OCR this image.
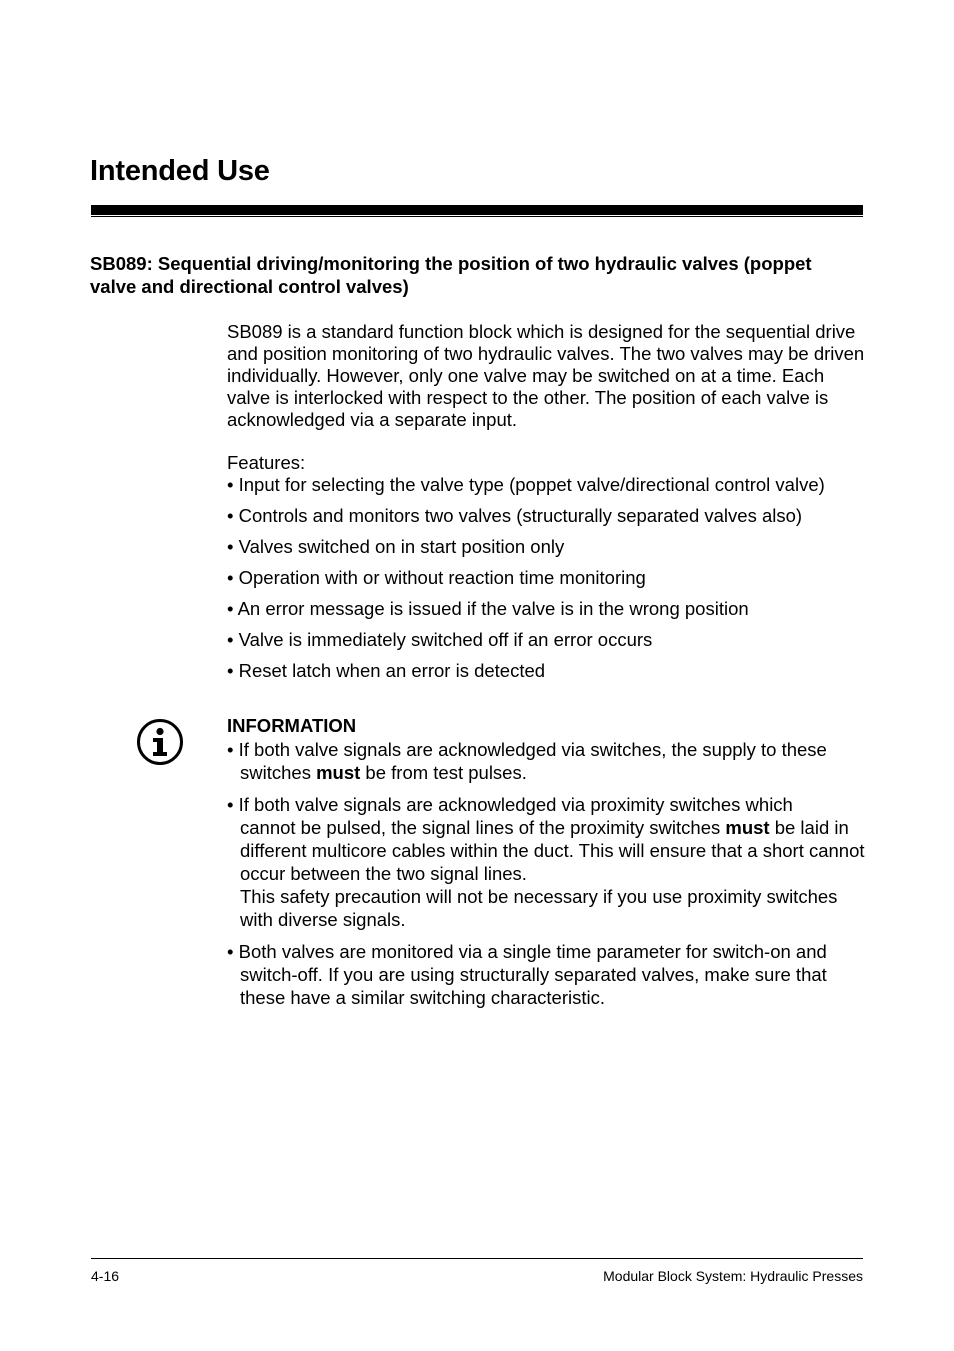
Intended Use
SB089: Sequential driving/monitoring the position of two hydraulic valves (poppet valve and directional control valves)

SB089 is a standard function block which is designed for the sequential drive and position monitoring of two hydraulic valves. The two valves may be driven individually. However, only one valve may be switched on at a time. Each valve is interlocked with respect to the other. The position of each valve is acknowledged via a separate input.

Features:

• Input for selecting the valve type (poppet valve/directional control valve)
• Controls and monitors two valves (structurally separated valves also)
• Valves switched on in start position only
• Operation with or without reaction time monitoring
• An error message is issued if the valve is in the wrong position
• Valve is immediately switched off if an error occurs
• Reset latch when an error is detected

INFORMATION

• If both valve signals are acknowledged via switches, the supply to these
switches must be from test pulses.
• If both valve signals are acknowledged via proximity switches which
cannot be pulsed, the signal lines of the proximity switches must be laid in different multicore cables within the duct. This will ensure that a short cannot occur between the two signal lines.
This safety precaution will not be necessary if you use proximity switches with diverse signals.
• Both valves are monitored via a single time parameter for switch-on and
switch-off. If you are using structurally separated valves, make sure that these have a similar switching characteristic.
4-16	Modular Block System: Hydraulic Presses
